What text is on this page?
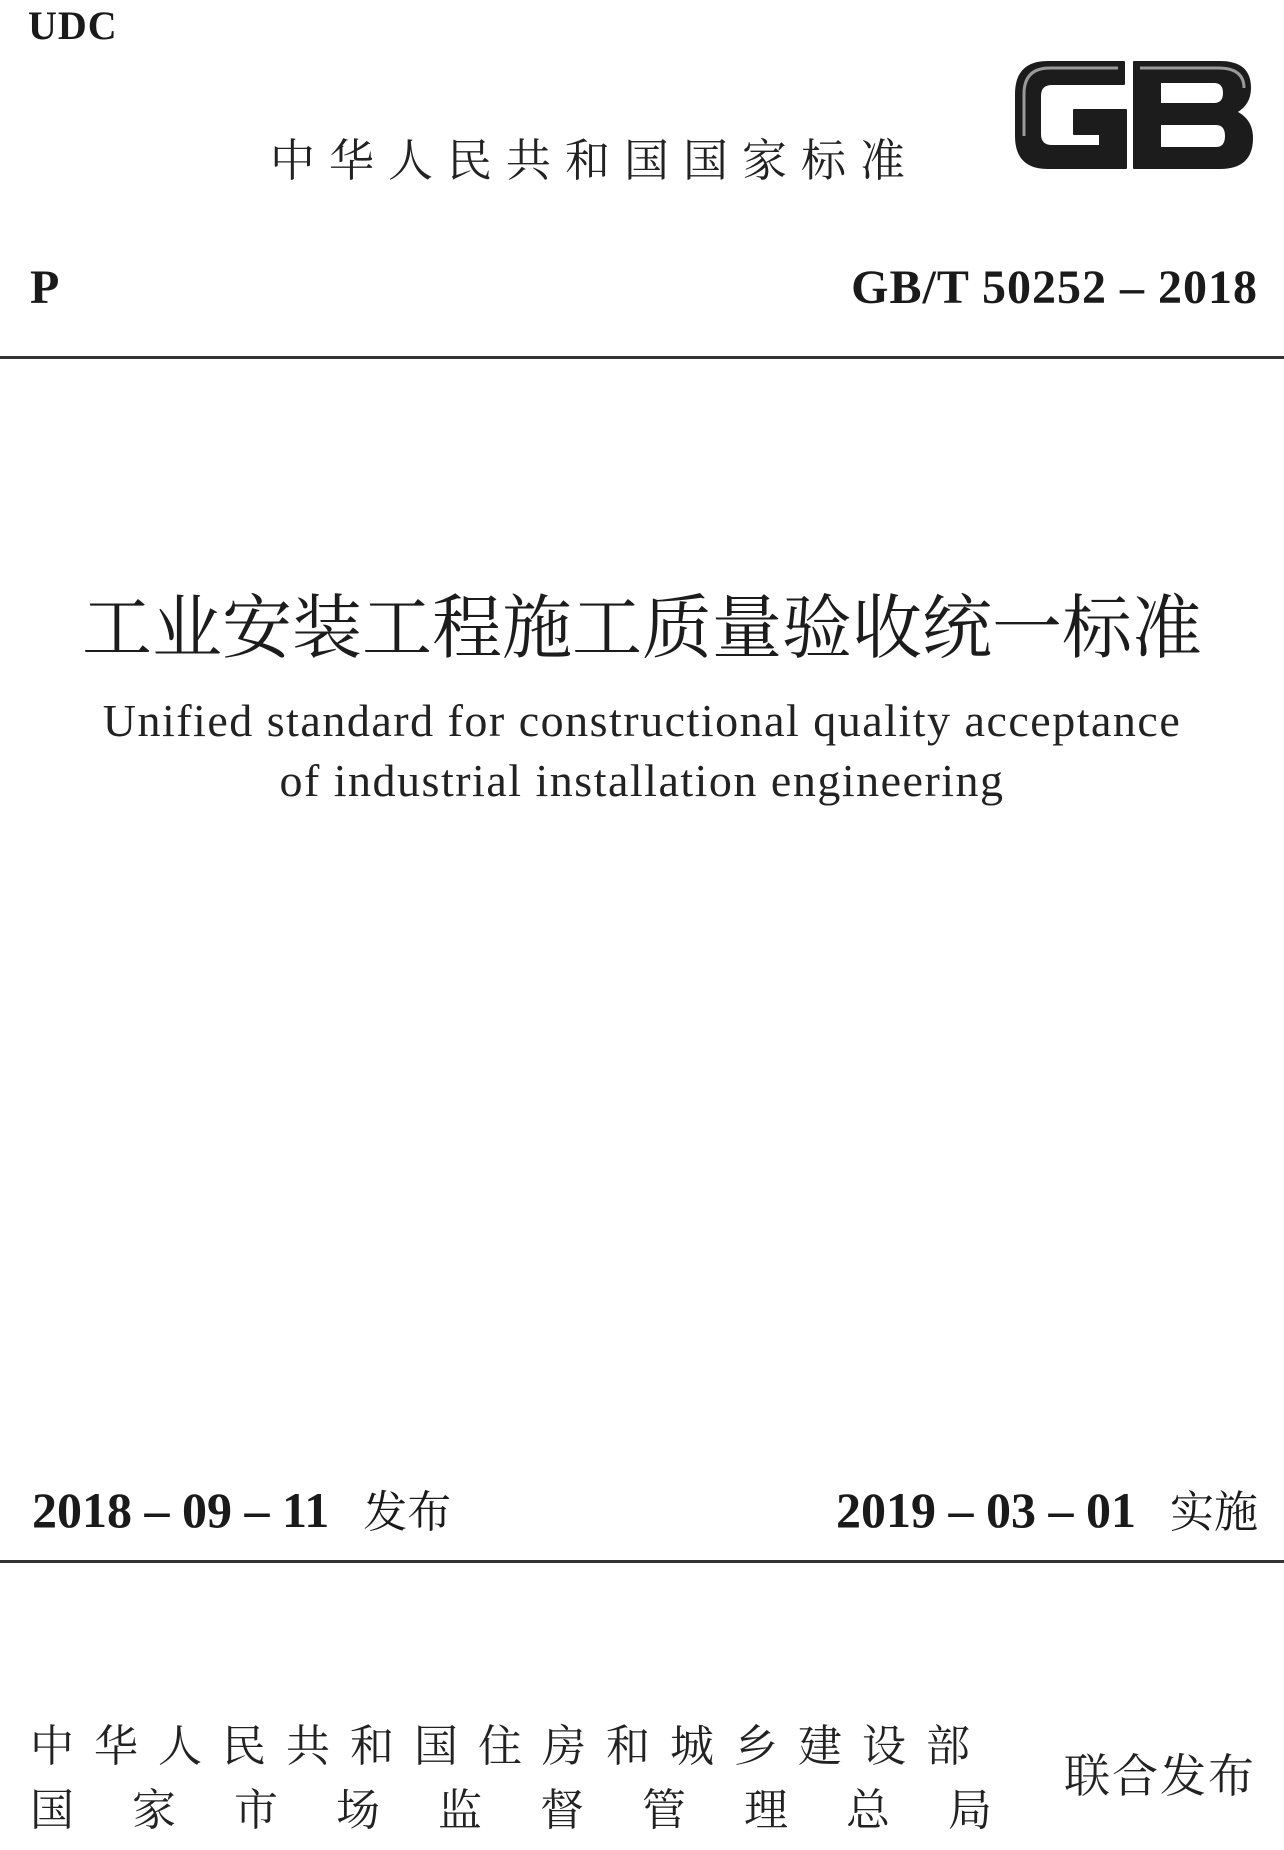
UDC
中华人民共和国国家标准
P	GB/T 50252 – 2018
工业安装工程施工质量验收统一标准
Unified standard for constructional quality acceptance
of industrial installation engineering
2018 – 09 – 11 发布	2019 – 03 – 01 实施
中华人民共和国住房和城乡建设部
国家市场监督管理总局
联合发布
